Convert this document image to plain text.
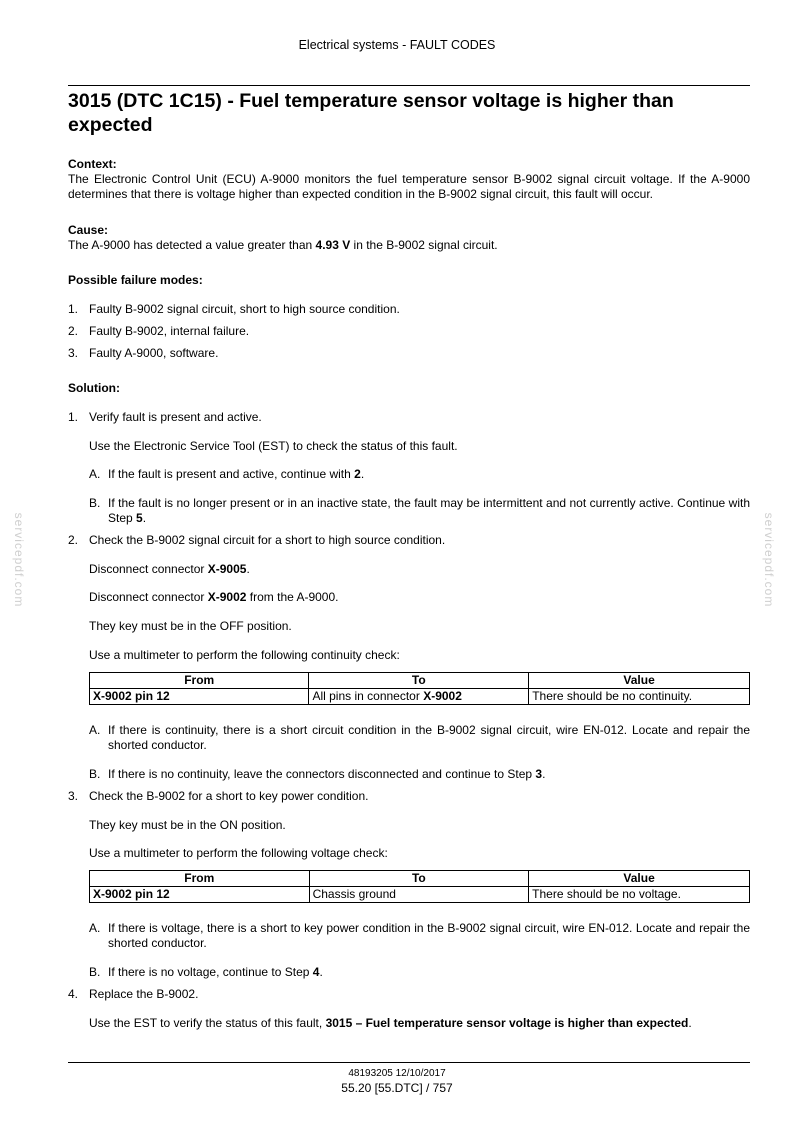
Electrical systems - FAULT CODES
3015 (DTC 1C15) - Fuel temperature sensor voltage is higher than expected
Context:
The Electronic Control Unit (ECU) A-9000 monitors the fuel temperature sensor B-9002 signal circuit voltage. If the A-9000 determines that there is voltage higher than expected condition in the B-9002 signal circuit, this fault will occur.
Cause:
The A-9000 has detected a value greater than 4.93 V in the B-9002 signal circuit.
Possible failure modes:
1. Faulty B-9002 signal circuit, short to high source condition.
2. Faulty B-9002, internal failure.
3. Faulty A-9000, software.
Solution:
1. Verify fault is present and active.
Use the Electronic Service Tool (EST) to check the status of this fault.
A. If the fault is present and active, continue with 2.
B. If the fault is no longer present or in an inactive state, the fault may be intermittent and not currently active. Continue with Step 5.
2. Check the B-9002 signal circuit for a short to high source condition.
Disconnect connector X-9005.
Disconnect connector X-9002 from the A-9000.
They key must be in the OFF position.
Use a multimeter to perform the following continuity check:
From	To	Value
X-9002 pin 12	All pins in connector X-9002	There should be no continuity.
A. If there is continuity, there is a short circuit condition in the B-9002 signal circuit, wire EN-012. Locate and repair the shorted conductor.
B. If there is no continuity, leave the connectors disconnected and continue to Step 3.
3. Check the B-9002 for a short to key power condition.
They key must be in the ON position.
Use a multimeter to perform the following voltage check:
From	To	Value
X-9002 pin 12	Chassis ground	There should be no voltage.
A. If there is voltage, there is a short to key power condition in the B-9002 signal circuit, wire EN-012. Locate and repair the shorted conductor.
B. If there is no voltage, continue to Step 4.
4. Replace the B-9002.
Use the EST to verify the status of this fault, 3015 – Fuel temperature sensor voltage is higher than expected.
servicepdf.com	servicepdf.com
48193205 12/10/2017
55.20 [55.DTC] / 757
